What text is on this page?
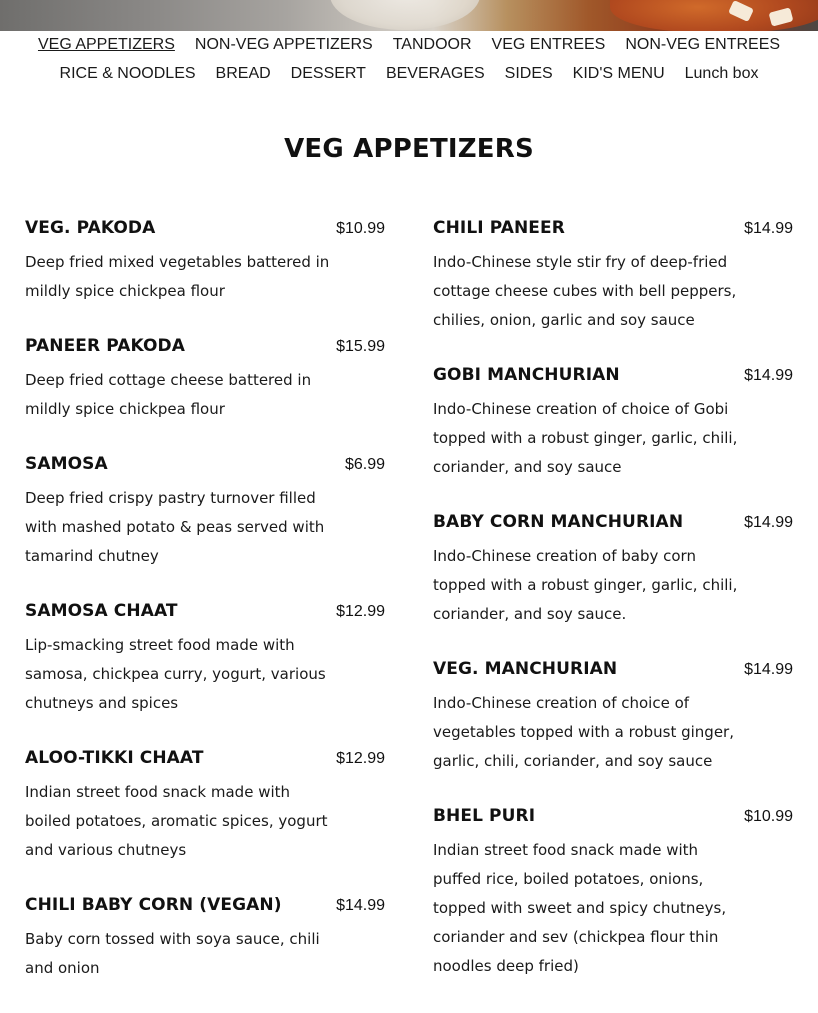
VEG APPETIZERS NON-VEG APPETIZERS TANDOOR VEG ENTREES NON-VEG ENTREES
RICE & NOODLES BREAD DESSERT BEVERAGES SIDES KID'S MENU Lunch box
VEG APPETIZERS
VEG. PAKODA	$10.99
Deep fried mixed vegetables battered in mildly spice chickpea flour
PANEER PAKODA	$15.99
Deep fried cottage cheese battered in mildly spice chickpea flour
SAMOSA	$6.99
Deep fried crispy pastry turnover filled with mashed potato & peas served with tamarind chutney
SAMOSA CHAAT	$12.99
Lip-smacking street food made with samosa, chickpea curry, yogurt, various chutneys and spices
ALOO-TIKKI CHAAT	$12.99
Indian street food snack made with boiled potatoes, aromatic spices, yogurt and various chutneys
CHILI BABY CORN (VEGAN)	$14.99
Baby corn tossed with soya sauce, chili and onion
CHILI PANEER	$14.99
Indo-Chinese style stir fry of deep-fried cottage cheese cubes with bell peppers, chilies, onion, garlic and soy sauce
GOBI MANCHURIAN	$14.99
Indo-Chinese creation of choice of Gobi topped with a robust ginger, garlic, chili, coriander, and soy sauce
BABY CORN MANCHURIAN	$14.99
Indo-Chinese creation of baby corn topped with a robust ginger, garlic, chili, coriander, and soy sauce.
VEG. MANCHURIAN	$14.99
Indo-Chinese creation of choice of vegetables topped with a robust ginger, garlic, chili, coriander, and soy sauce
BHEL PURI	$10.99
Indian street food snack made with puffed rice, boiled potatoes, onions, topped with sweet and spicy chutneys, coriander and sev (chickpea flour thin noodles deep fried)
